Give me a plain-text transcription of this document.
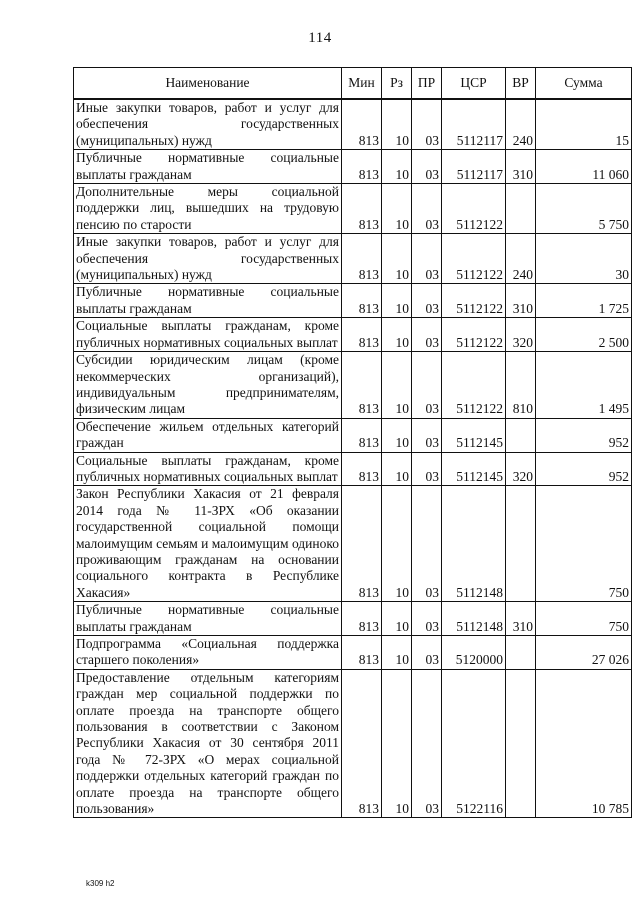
114
Наименование	Мин	Рз	ПР	ЦСР	ВР	Сумма
Иные закупки товаров, работ и услуг для обеспечения государственных (муниципальных) нужд	813	10	03	5112117	240	15
Публичные нормативные социальные выплаты гражданам	813	10	03	5112117	310	11 060
Дополнительные меры социальной поддержки лиц, вышедших на трудовую пенсию по старости	813	10	03	5112122		5 750
Иные закупки товаров, работ и услуг для обеспечения государственных (муниципальных) нужд	813	10	03	5112122	240	30
Публичные нормативные социальные выплаты гражданам	813	10	03	5112122	310	1 725
Социальные выплаты гражданам, кроме публичных нормативных социальных выплат	813	10	03	5112122	320	2 500
Субсидии юридическим лицам (кроме некоммерческих организаций), индивидуальным предпринимателям, физическим лицам	813	10	03	5112122	810	1 495
Обеспечение жильем отдельных категорий граждан	813	10	03	5112145		952
Социальные выплаты гражданам, кроме публичных нормативных социальных выплат	813	10	03	5112145	320	952
Закон Республики Хакасия от 21 февраля 2014 года № 11-ЗРХ «Об оказании государственной социальной помощи малоимущим семьям и малоимущим одиноко проживающим гражданам на основании социального контракта в Республике Хакасия»	813	10	03	5112148		750
Публичные нормативные социальные выплаты гражданам	813	10	03	5112148	310	750
Подпрограмма «Социальная поддержка старшего поколения»	813	10	03	5120000		27 026
Предоставление отдельным категориям граждан мер социальной поддержки по оплате проезда на транспорте общего пользования в соответствии с Законом Республики Хакасия от 30 сентября 2011 года № 72-ЗРХ «О мерах социальной поддержки отдельных категорий граждан по оплате проезда на транспорте общего пользования»	813	10	03	5122116		10 785
k309 h2
